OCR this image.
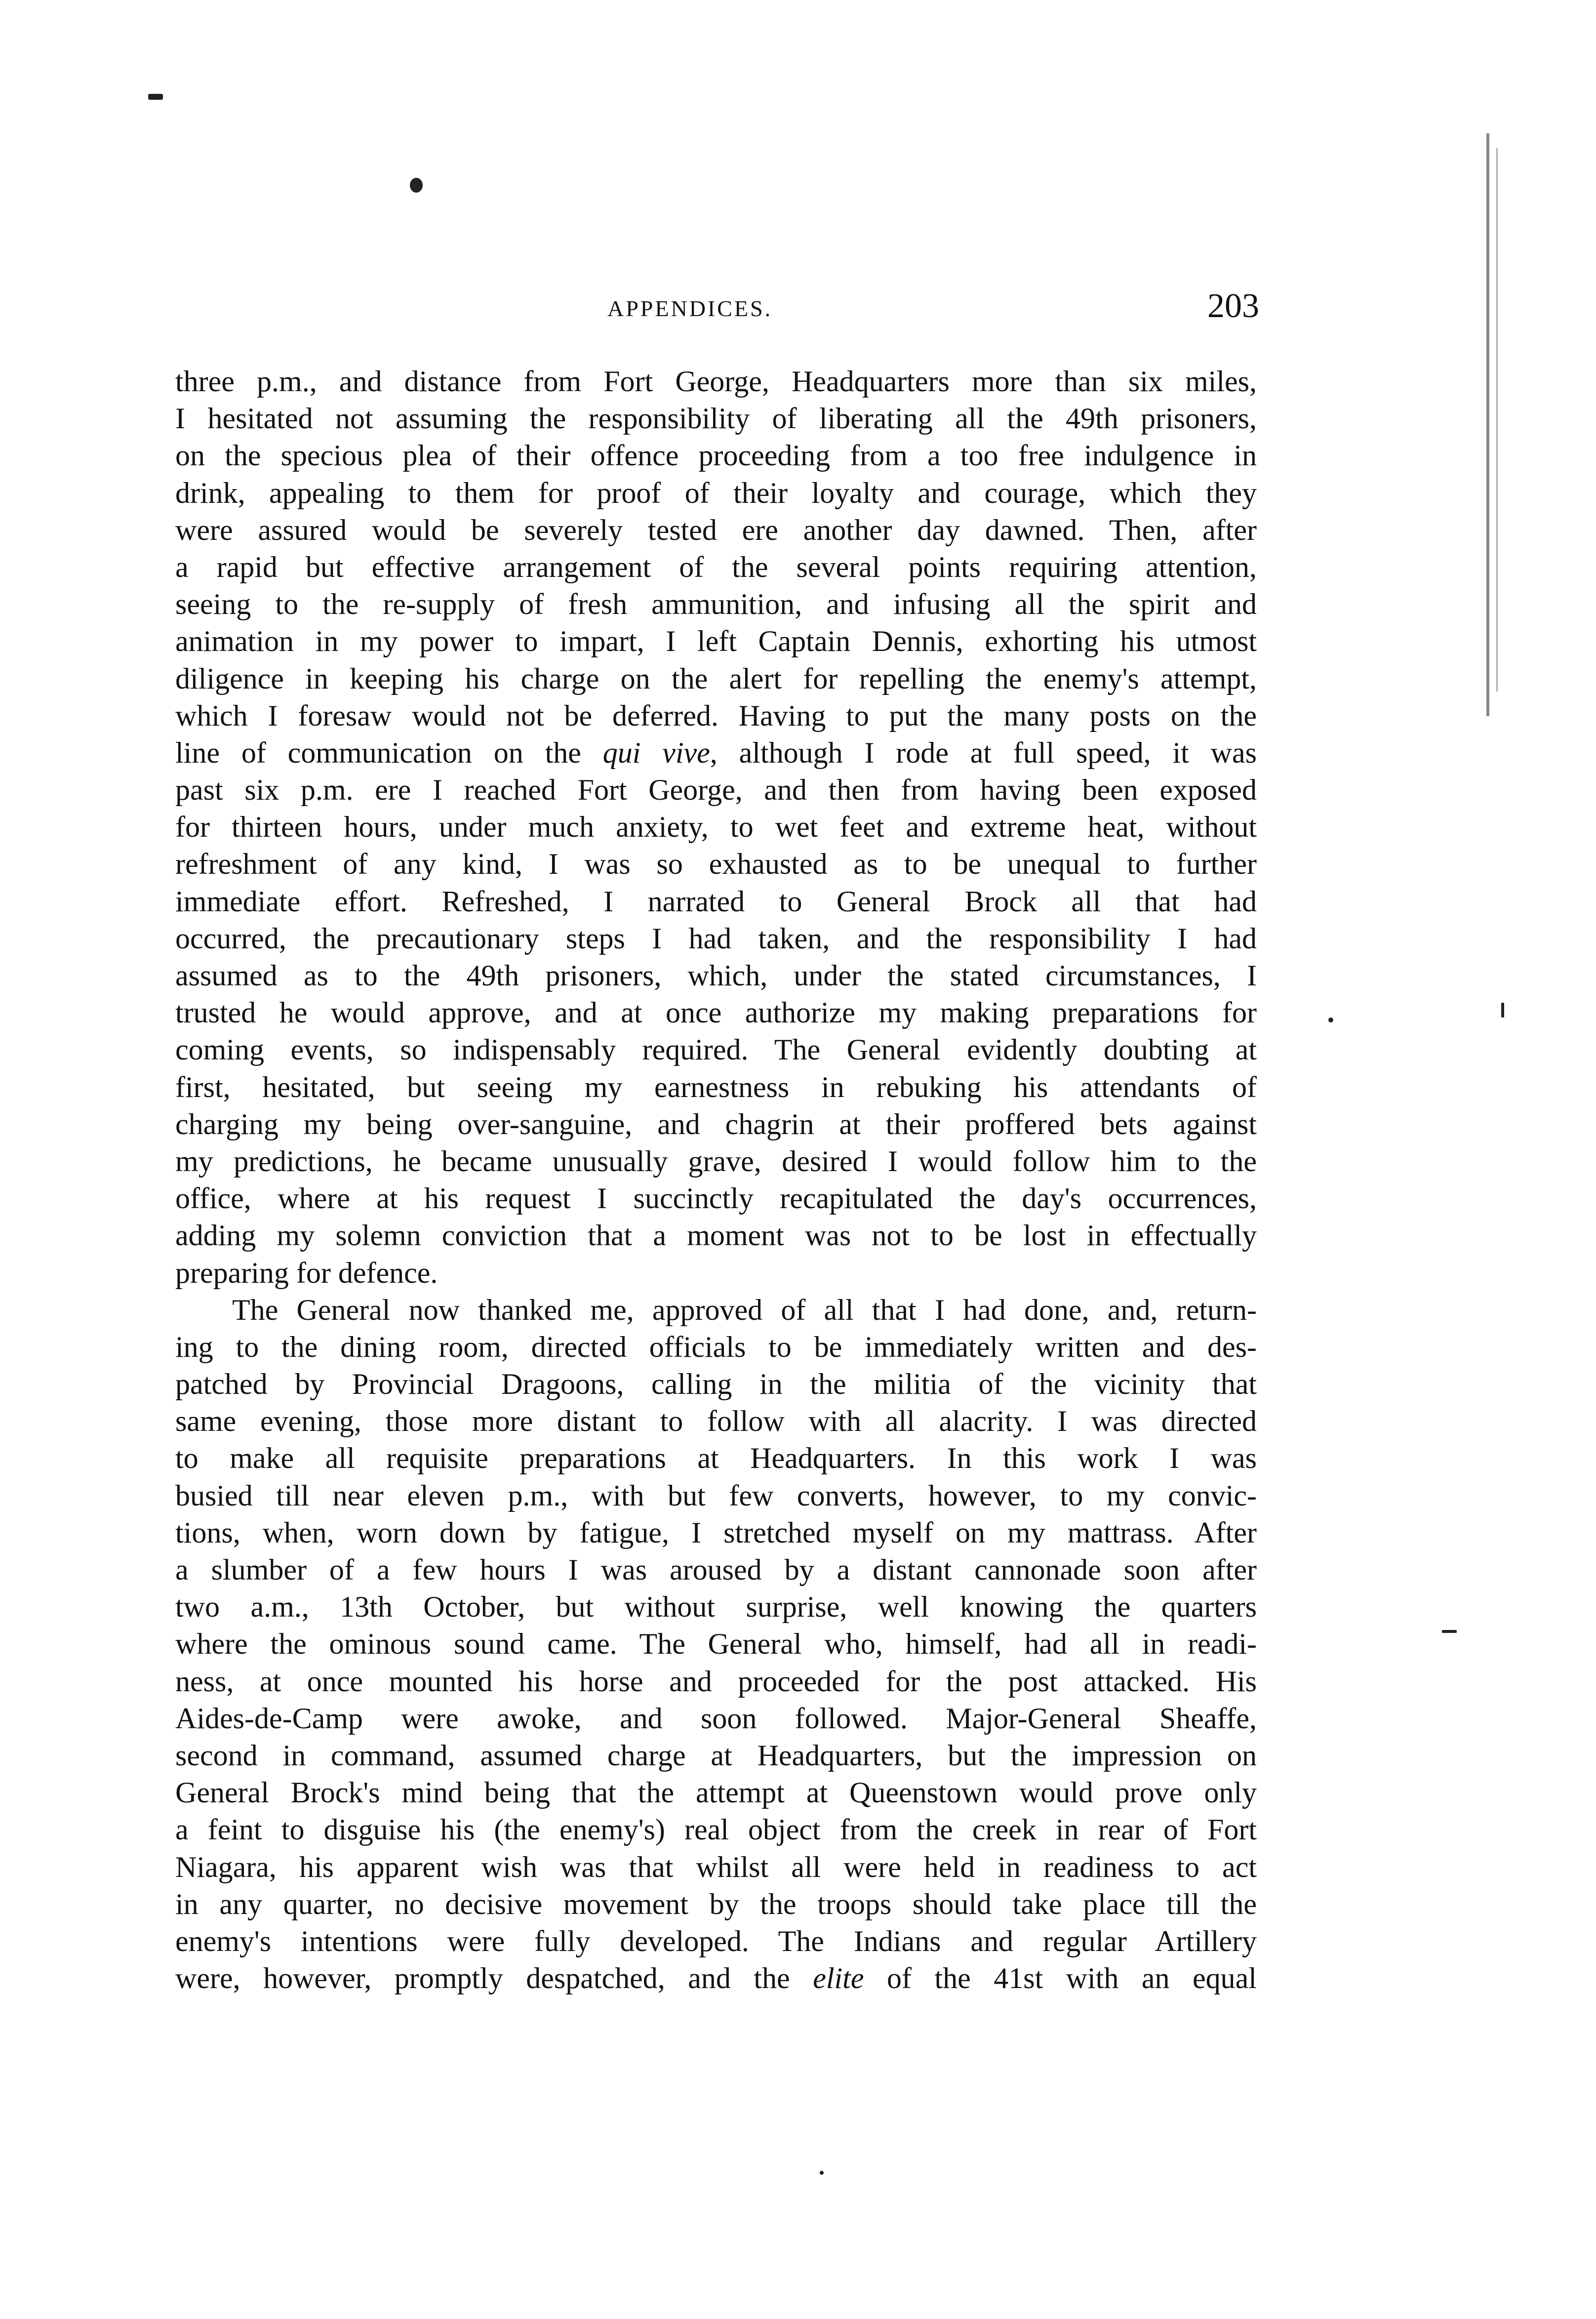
APPENDICES.	203
three p.m., and distance from Fort George, Headquarters more than six miles,
I hesitated not assuming the responsibility of liberating all the 49th prisoners,
on the specious plea of their offence proceeding from a too free indulgence in
drink, appealing to them for proof of their loyalty and courage, which they
were assured would be severely tested ere another day dawned. Then, after
a rapid but effective arrangement of the several points requiring attention,
seeing to the re-supply of fresh ammunition, and infusing all the spirit and
animation in my power to impart, I left Captain Dennis, exhorting his utmost
diligence in keeping his charge on the alert for repelling the enemy's attempt,
which I foresaw would not be deferred. Having to put the many posts on the
line of communication on the qui vive, although I rode at full speed, it was
past six p.m. ere I reached Fort George, and then from having been exposed
for thirteen hours, under much anxiety, to wet feet and extreme heat, without
refreshment of any kind, I was so exhausted as to be unequal to further
immediate effort. Refreshed, I narrated to General Brock all that had
occurred, the precautionary steps I had taken, and the responsibility I had
assumed as to the 49th prisoners, which, under the stated circumstances, I
trusted he would approve, and at once authorize my making preparations for
coming events, so indispensably required. The General evidently doubting at
first, hesitated, but seeing my earnestness in rebuking his attendants of
charging my being over-sanguine, and chagrin at their proffered bets against
my predictions, he became unusually grave, desired I would follow him to the
office, where at his request I succinctly recapitulated the day's occurrences,
adding my solemn conviction that a moment was not to be lost in effectually
preparing for defence.
The General now thanked me, approved of all that I had done, and, return-
ing to the dining room, directed officials to be immediately written and des-
patched by Provincial Dragoons, calling in the militia of the vicinity that
same evening, those more distant to follow with all alacrity. I was directed
to make all requisite preparations at Headquarters. In this work I was
busied till near eleven p.m., with but few converts, however, to my convic-
tions, when, worn down by fatigue, I stretched myself on my mattrass. After
a slumber of a few hours I was aroused by a distant cannonade soon after
two a.m., 13th October, but without surprise, well knowing the quarters
where the ominous sound came. The General who, himself, had all in readi-
ness, at once mounted his horse and proceeded for the post attacked. His
Aides-de-Camp were awoke, and soon followed. Major-General Sheaffe,
second in command, assumed charge at Headquarters, but the impression on
General Brock's mind being that the attempt at Queenstown would prove only
a feint to disguise his (the enemy's) real object from the creek in rear of Fort
Niagara, his apparent wish was that whilst all were held in readiness to act
in any quarter, no decisive movement by the troops should take place till the
enemy's intentions were fully developed. The Indians and regular Artillery
were, however, promptly despatched, and the elite of the 41st with an equal
